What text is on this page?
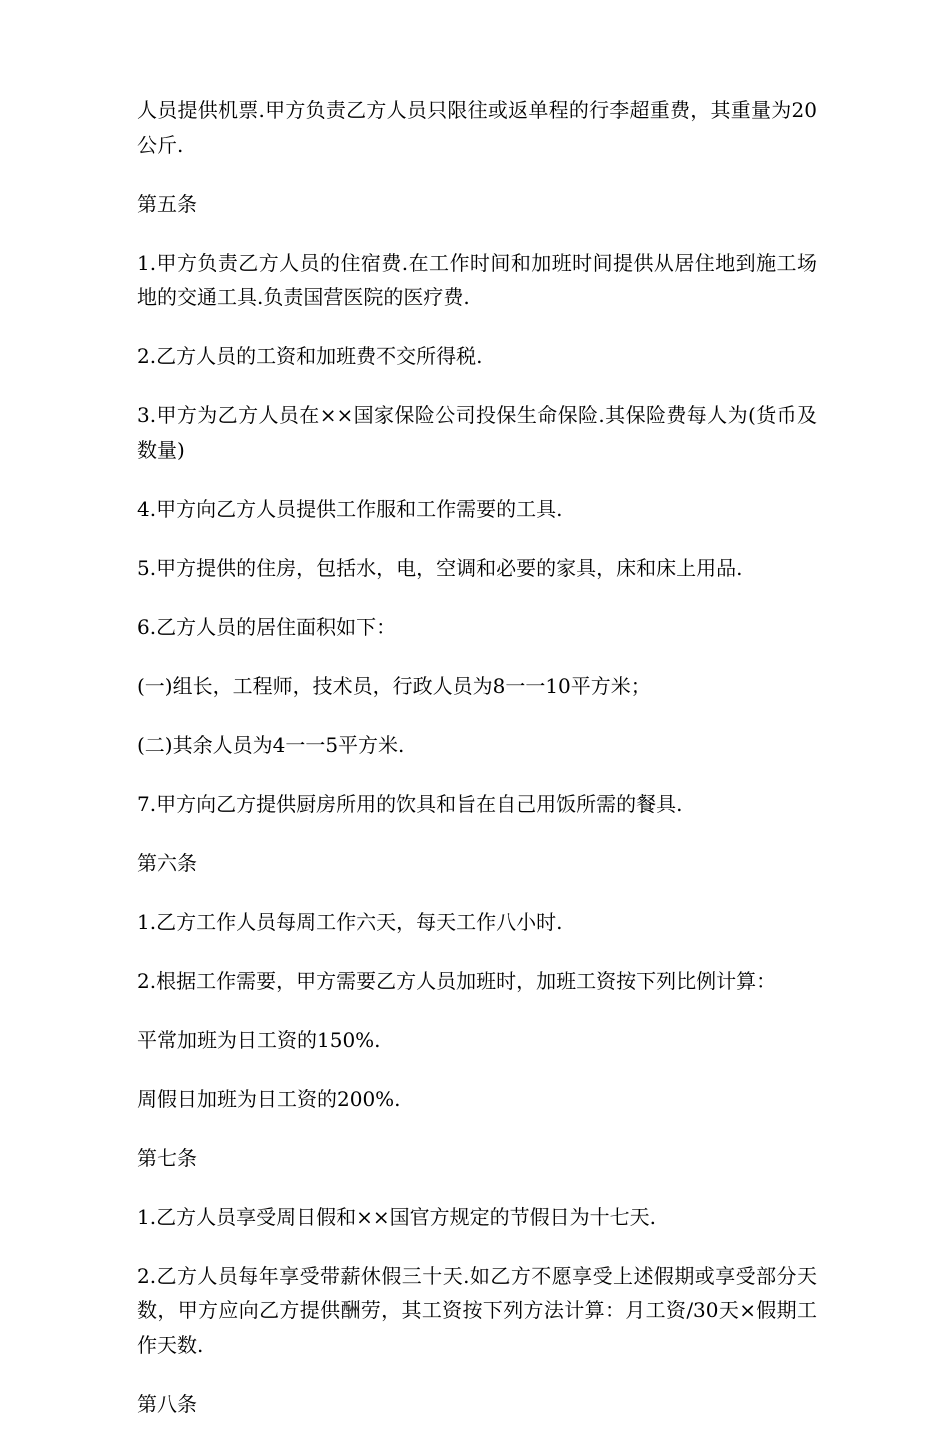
人员提供机票.甲方负责乙方人员只限往或返单程的行李超重费，其重量为20公斤.

第五条

1.甲方负责乙方人员的住宿费.在工作时间和加班时间提供从居住地到施工场地的交通工具.负责国营医院的医疗费.

2.乙方人员的工资和加班费不交所得税.

3.甲方为乙方人员在××国家保险公司投保生命保险.其保险费每人为(货币及数量)

4.甲方向乙方人员提供工作服和工作需要的工具.

5.甲方提供的住房，包括水，电，空调和必要的家具，床和床上用品.

6.乙方人员的居住面积如下：

(一)组长，工程师，技术员，行政人员为8一一10平方米；

(二)其余人员为4一一5平方米.

7.甲方向乙方提供厨房所用的饮具和旨在自己用饭所需的餐具.

第六条

1.乙方工作人员每周工作六天，每天工作八小时.

2.根据工作需要，甲方需要乙方人员加班时，加班工资按下列比例计算：

平常加班为日工资的150%.

周假日加班为日工资的200%.

第七条

1.乙方人员享受周日假和××国官方规定的节假日为十七天.

2.乙方人员每年享受带薪休假三十天.如乙方不愿享受上述假期或享受部分天数，甲方应向乙方提供酬劳，其工资按下列方法计算：月工资/30天×假期工作天数.

第八条
